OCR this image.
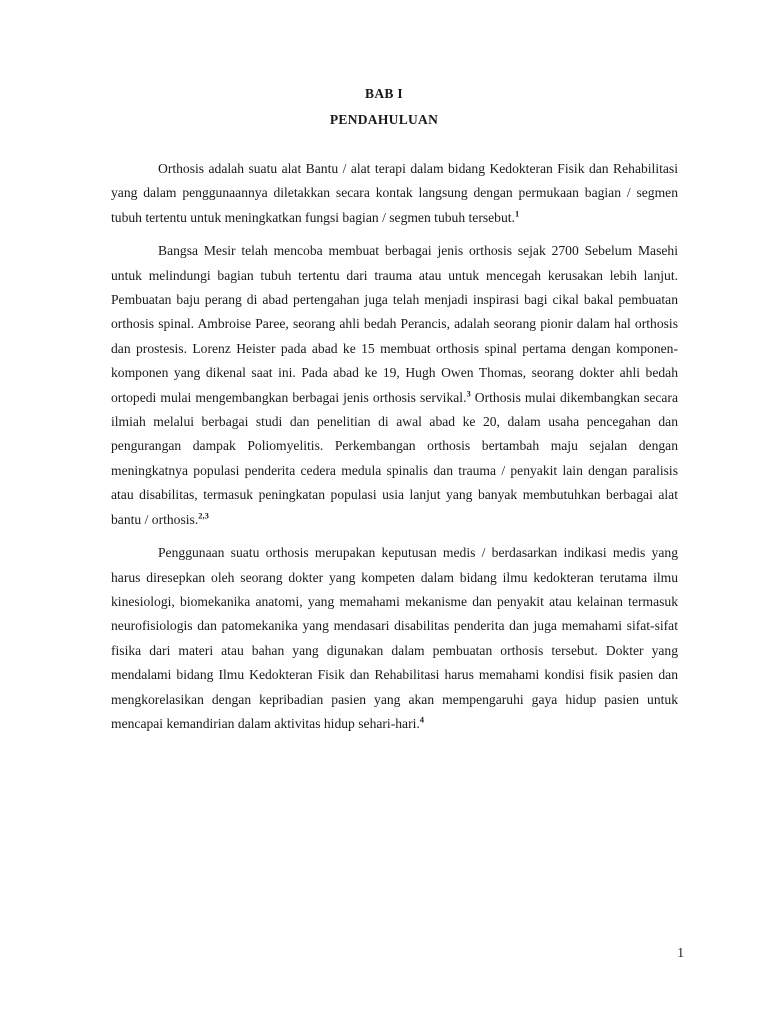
BAB I
PENDAHULUAN

Orthosis adalah suatu alat Bantu / alat terapi dalam bidang Kedokteran Fisik dan Rehabilitasi yang dalam penggunaannya diletakkan secara kontak langsung dengan permukaan bagian / segmen tubuh tertentu untuk meningkatkan fungsi bagian / segmen tubuh tersebut.$^1$

Bangsa Mesir telah mencoba membuat berbagai jenis orthosis sejak 2700 Sebelum Masehi untuk melindungi bagian tubuh tertentu dari trauma atau untuk mencegah kerusakan lebih lanjut. Pembuatan baju perang di abad pertengahan juga telah menjadi inspirasi bagi cikal bakal pembuatan orthosis spinal. Ambroise Paree, seorang ahli bedah Perancis, adalah seorang pionir dalam hal orthosis dan prostesis. Lorenz Heister pada abad ke 15 membuat orthosis spinal pertama dengan komponen-komponen yang dikenal saat ini. Pada abad ke 19, Hugh Owen Thomas, seorang dokter ahli bedah ortopedi mulai mengembangkan berbagai jenis orthosis servikal.$^3$ Orthosis mulai dikembangkan secara ilmiah melalui berbagai studi dan penelitian di awal abad ke 20, dalam usaha pencegahan dan pengurangan dampak Poliomyelitis. Perkembangan orthosis bertambah maju sejalan dengan meningkatnya populasi penderita cedera medula spinalis dan trauma / penyakit lain dengan paralisis atau disabilitas, termasuk peningkatan populasi usia lanjut yang banyak membutuhkan berbagai alat bantu / orthosis.$^{2,3}$

Penggunaan suatu orthosis merupakan keputusan medis / berdasarkan indikasi medis yang harus diresepkan oleh seorang dokter yang kompeten dalam bidang ilmu kedokteran terutama ilmu kinesiologi, biomekanika anatomi, yang memahami mekanisme dan penyakit atau kelainan termasuk neurofisiologis dan patomekanika yang mendasari disabilitas penderita dan juga memahami sifat-sifat fisika dari materi atau bahan yang digunakan dalam pembuatan orthosis tersebut. Dokter yang mendalami bidang Ilmu Kedokteran Fisik dan Rehabilitasi harus memahami kondisi fisik pasien dan mengkorelasikan dengan kepribadian pasien yang akan mempengaruhi gaya hidup pasien untuk mencapai kemandirian dalam aktivitas hidup sehari-hari.$^4$

1
